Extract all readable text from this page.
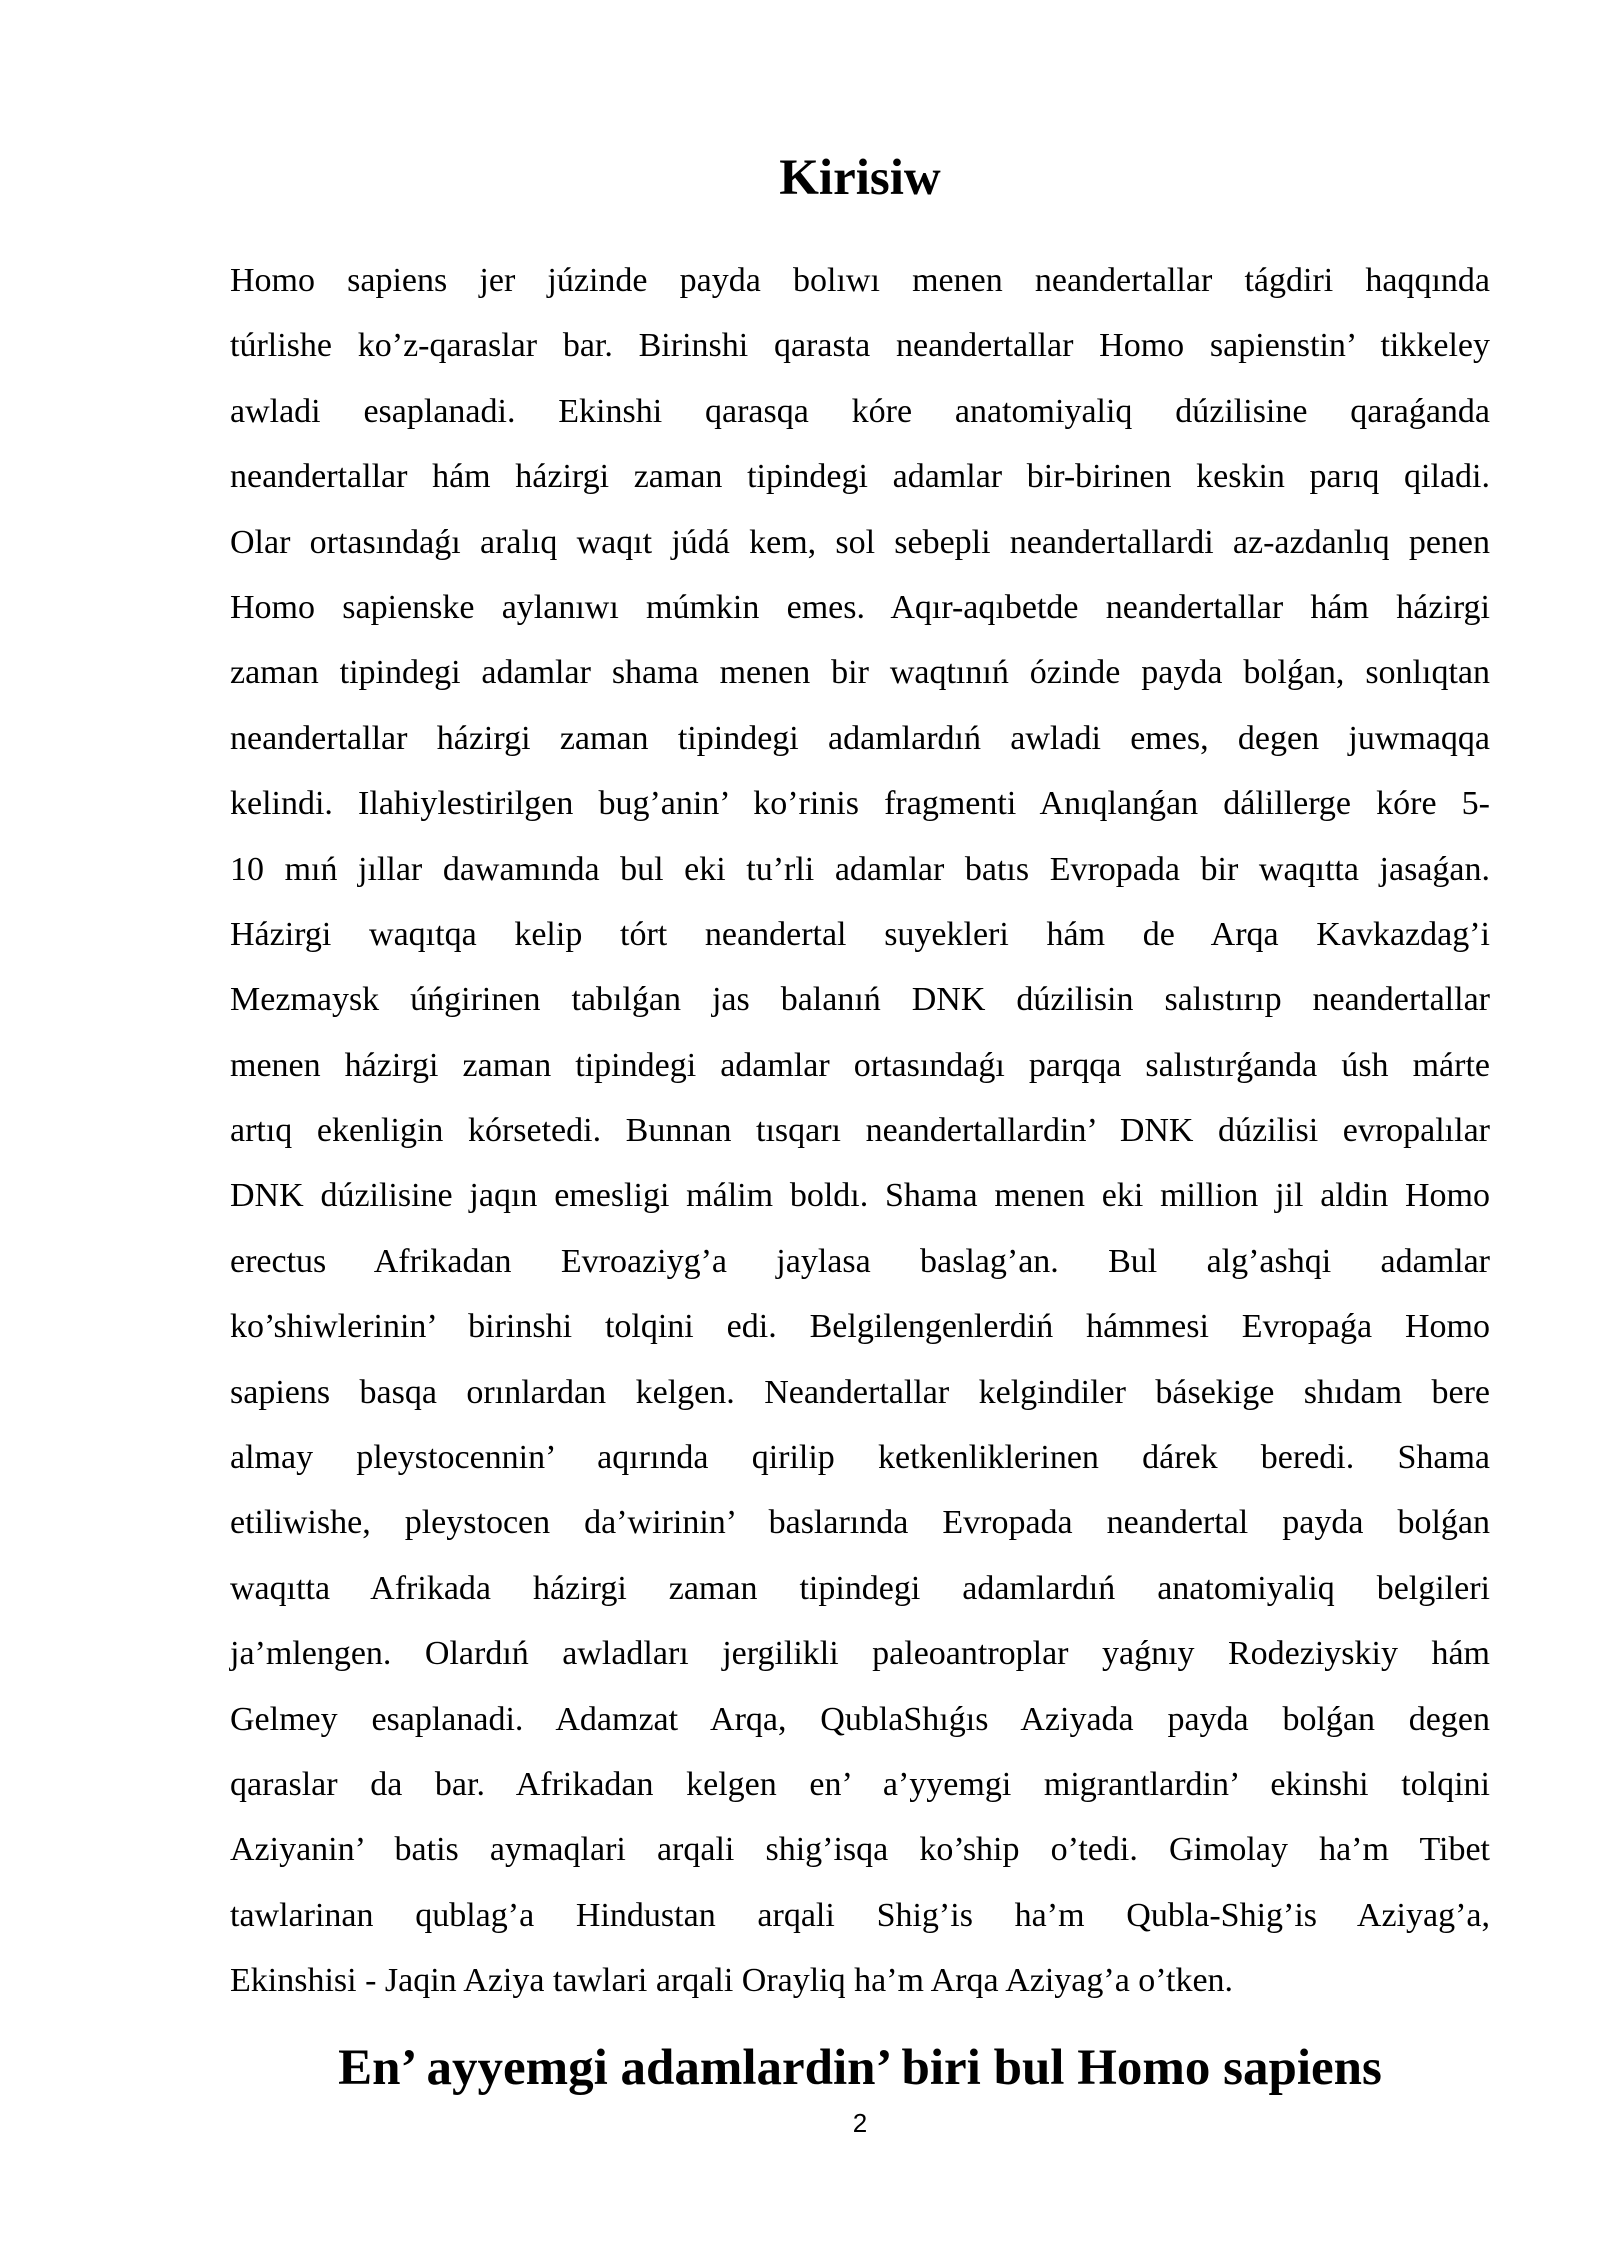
Kirisiw
Homo sapiens jer júzinde payda bolıwı menen neandertallar tágdiri haqqında
túrlishe ko’z-qaraslar bar. Birinshi qarasta neandertallar Homo sapienstin’ tikkeley
awladi esaplanadi. Ekinshi qarasqa kóre anatomiyaliq dúzilisine qaraǵanda
neandertallar hám házirgi zaman tipindegi adamlar bir-birinen keskin parıq qiladi.
Olar ortasındaǵı aralıq waqıt júdá kem, sol sebepli neandertallardi az-azdanlıq penen
Homo sapienske aylanıwı múmkin emes. Aqır-aqıbetde neandertallar hám házirgi
zaman tipindegi adamlar shama menen bir waqtınıń ózinde payda bolǵan, sonlıqtan
neandertallar házirgi zaman tipindegi adamlardıń awladi emes, degen juwmaqqa
kelindi. Ilahiylestirilgen bug’anin’ ko’rinis fragmenti Anıqlanǵan dálillerge kóre 5-
10 mıń jıllar dawamında bul eki tu’rli adamlar batıs Evropada bir waqıtta jasaǵan.
Házirgi waqıtqa kelip tórt neandertal suyekleri hám de Arqa Kavkazdag’i
Mezmaysk úńgirinen tabılǵan jas balanıń DNK dúzilisin salıstırıp neandertallar
menen házirgi zaman tipindegi adamlar ortasındaǵı parqqa salıstırǵanda úsh márte
artıq ekenligin kórsetedi. Bunnan tısqarı neandertallardin’ DNK dúzilisi evropalılar
DNK dúzilisine jaqın emesligi málim boldı. Shama menen eki million jil aldin Homo
erectus Afrikadan Evroaziyg’a jaylasa baslag’an. Bul alg’ashqi adamlar
ko’shiwlerinin’ birinshi tolqini edi. Belgilengenlerdiń hámmesi Evropaǵa Homo
sapiens basqa orınlardan kelgen. Neandertallar kelgindiler básekige shıdam bere
almay pleystocennin’ aqırında qirilip ketkenliklerinen dárek beredi. Shama
etiliwishe, pleystocen da’wirinin’ baslarında Evropada neandertal payda bolǵan
waqıtta Afrikada házirgi zaman tipindegi adamlardıń anatomiyaliq belgileri
ja’mlengen. Olardıń awladları jergilikli paleoantroplar yaǵnıy Rodeziyskiy hám
Gelmey esaplanadi. Adamzat Arqa, QublaShıǵıs Aziyada payda bolǵan degen
qaraslar da bar. Afrikadan kelgen en’ a’yyemgi migrantlardin’ ekinshi tolqini
Aziyanin’ batis aymaqlari arqali shig’isqa ko’ship o’tedi. Gimolay ha’m Tibet
tawlarinan qublag’a Hindustan arqali Shig’is ha’m Qubla-Shig’is Aziyag’a,
Ekinshisi - Jaqin Aziya tawlari arqali Orayliq ha’m Arqa Aziyag’a o’tken.
En’ ayyemgi adamlardin’ biri bul Homo sapiens
2
